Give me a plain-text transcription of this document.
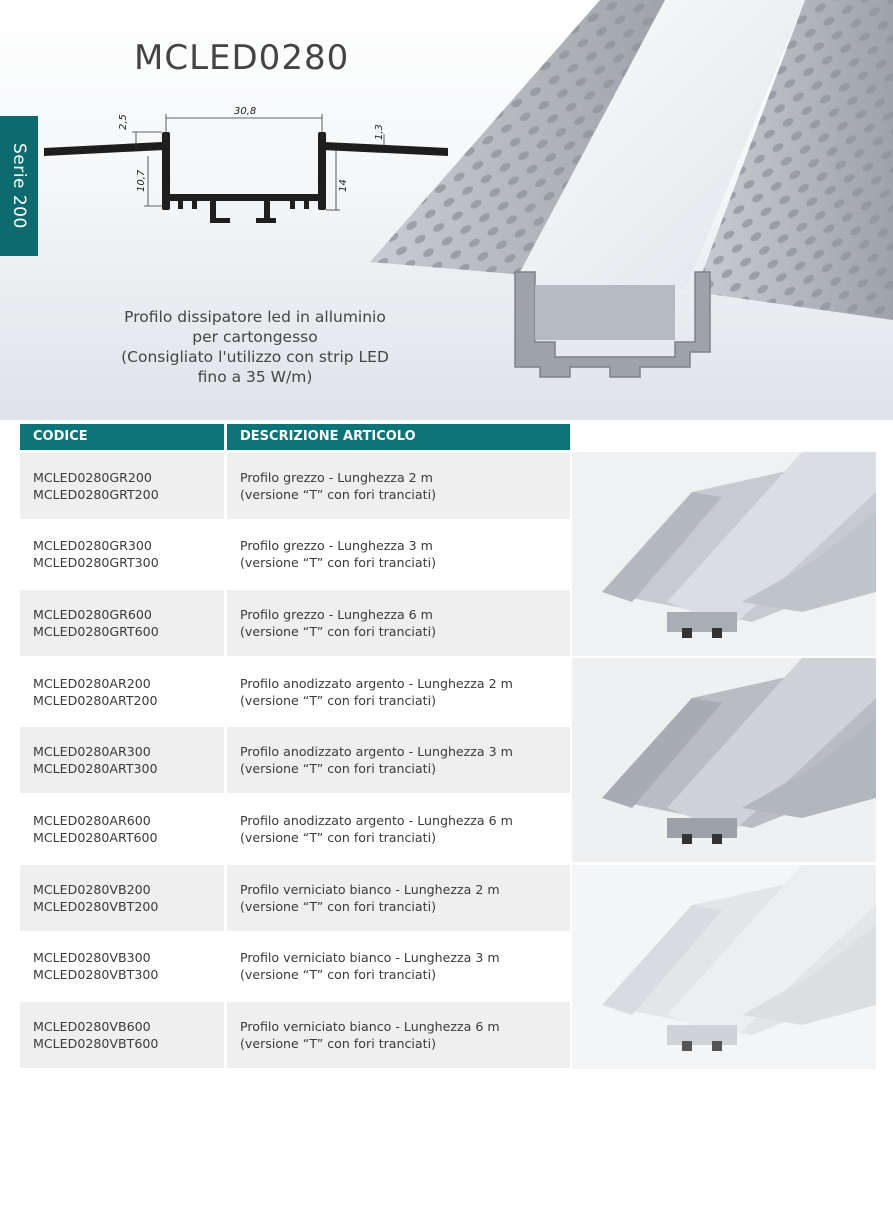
Serie 200
MCLED0280
30,8
2,5
1,3
10,7	14
Profilo dissipatore led in alluminio
per cartongesso
(Consigliato l'utilizzo con strip LED
fino a 35 W/m)
CODICE	DESCRIZIONE ARTICOLO
MCLED0280GR200
MCLED0280GRT200
Profilo grezzo - Lunghezza 2 m
(versione “T” con fori tranciati)
MCLED0280GR300
MCLED0280GRT300
Profilo grezzo - Lunghezza 3 m
(versione “T” con fori tranciati)
MCLED0280GR600
MCLED0280GRT600
Profilo grezzo - Lunghezza 6 m
(versione “T” con fori tranciati)
MCLED0280AR200
MCLED0280ART200
Profilo anodizzato argento - Lunghezza 2 m
(versione “T” con fori tranciati)
MCLED0280AR300
MCLED0280ART300
Profilo anodizzato argento - Lunghezza 3 m
(versione “T” con fori tranciati)
MCLED0280AR600
MCLED0280ART600
Profilo anodizzato argento - Lunghezza 6 m
(versione “T” con fori tranciati)
MCLED0280VB200
MCLED0280VBT200
Profilo verniciato bianco - Lunghezza 2 m
(versione “T” con fori tranciati)
MCLED0280VB300
MCLED0280VBT300
Profilo verniciato bianco - Lunghezza 3 m
(versione “T” con fori tranciati)
MCLED0280VB600
MCLED0280VBT600
Profilo verniciato bianco - Lunghezza 6 m
(versione “T” con fori tranciati)
